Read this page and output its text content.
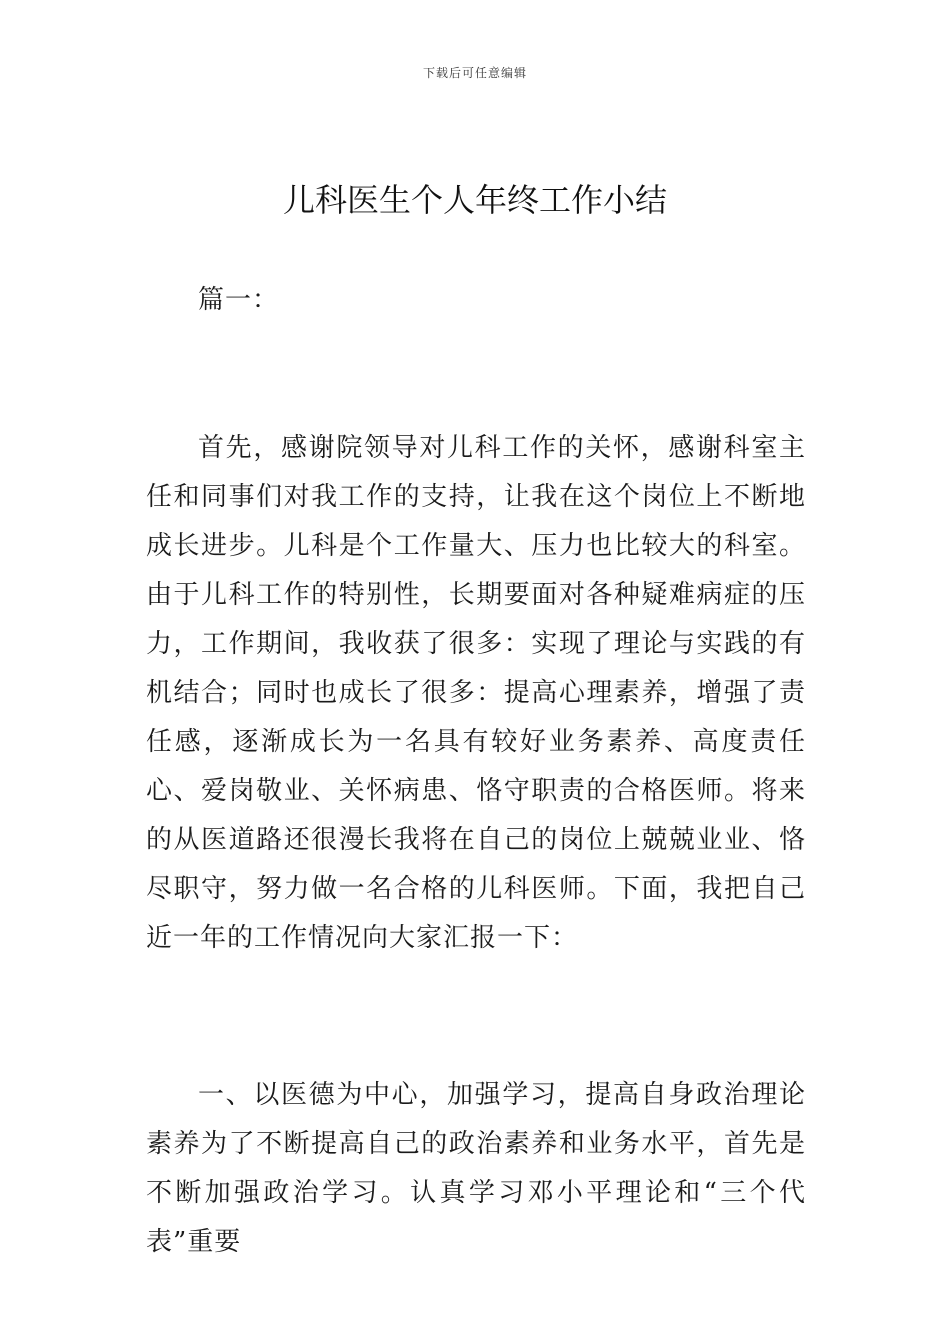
下载后可任意编辑
儿科医生个人年终工作小结

篇一：

首先，感谢院领导对儿科工作的关怀，感谢科室主任和同事们对我工作的支持，让我在这个岗位上不断地成长进步。儿科是个工作量大、压力也比较大的科室。由于儿科工作的特别性，长期要面对各种疑难病症的压力，工作期间，我收获了很多：实现了理论与实践的有机结合；同时也成长了很多：提高心理素养，增强了责任感，逐渐成长为一名具有较好业务素养、高度责任心、爱岗敬业、关怀病患、恪守职责的合格医师。将来的从医道路还很漫长我将在自己的岗位上兢兢业业、恪尽职守，努力做一名合格的儿科医师。下面，我把自己近一年的工作情况向大家汇报一下：

一、以医德为中心，加强学习，提高自身政治理论素养为了不断提高自己的政治素养和业务水平，首先是不断加强政治学习。认真学习邓小平理论和“三个代表”重要
